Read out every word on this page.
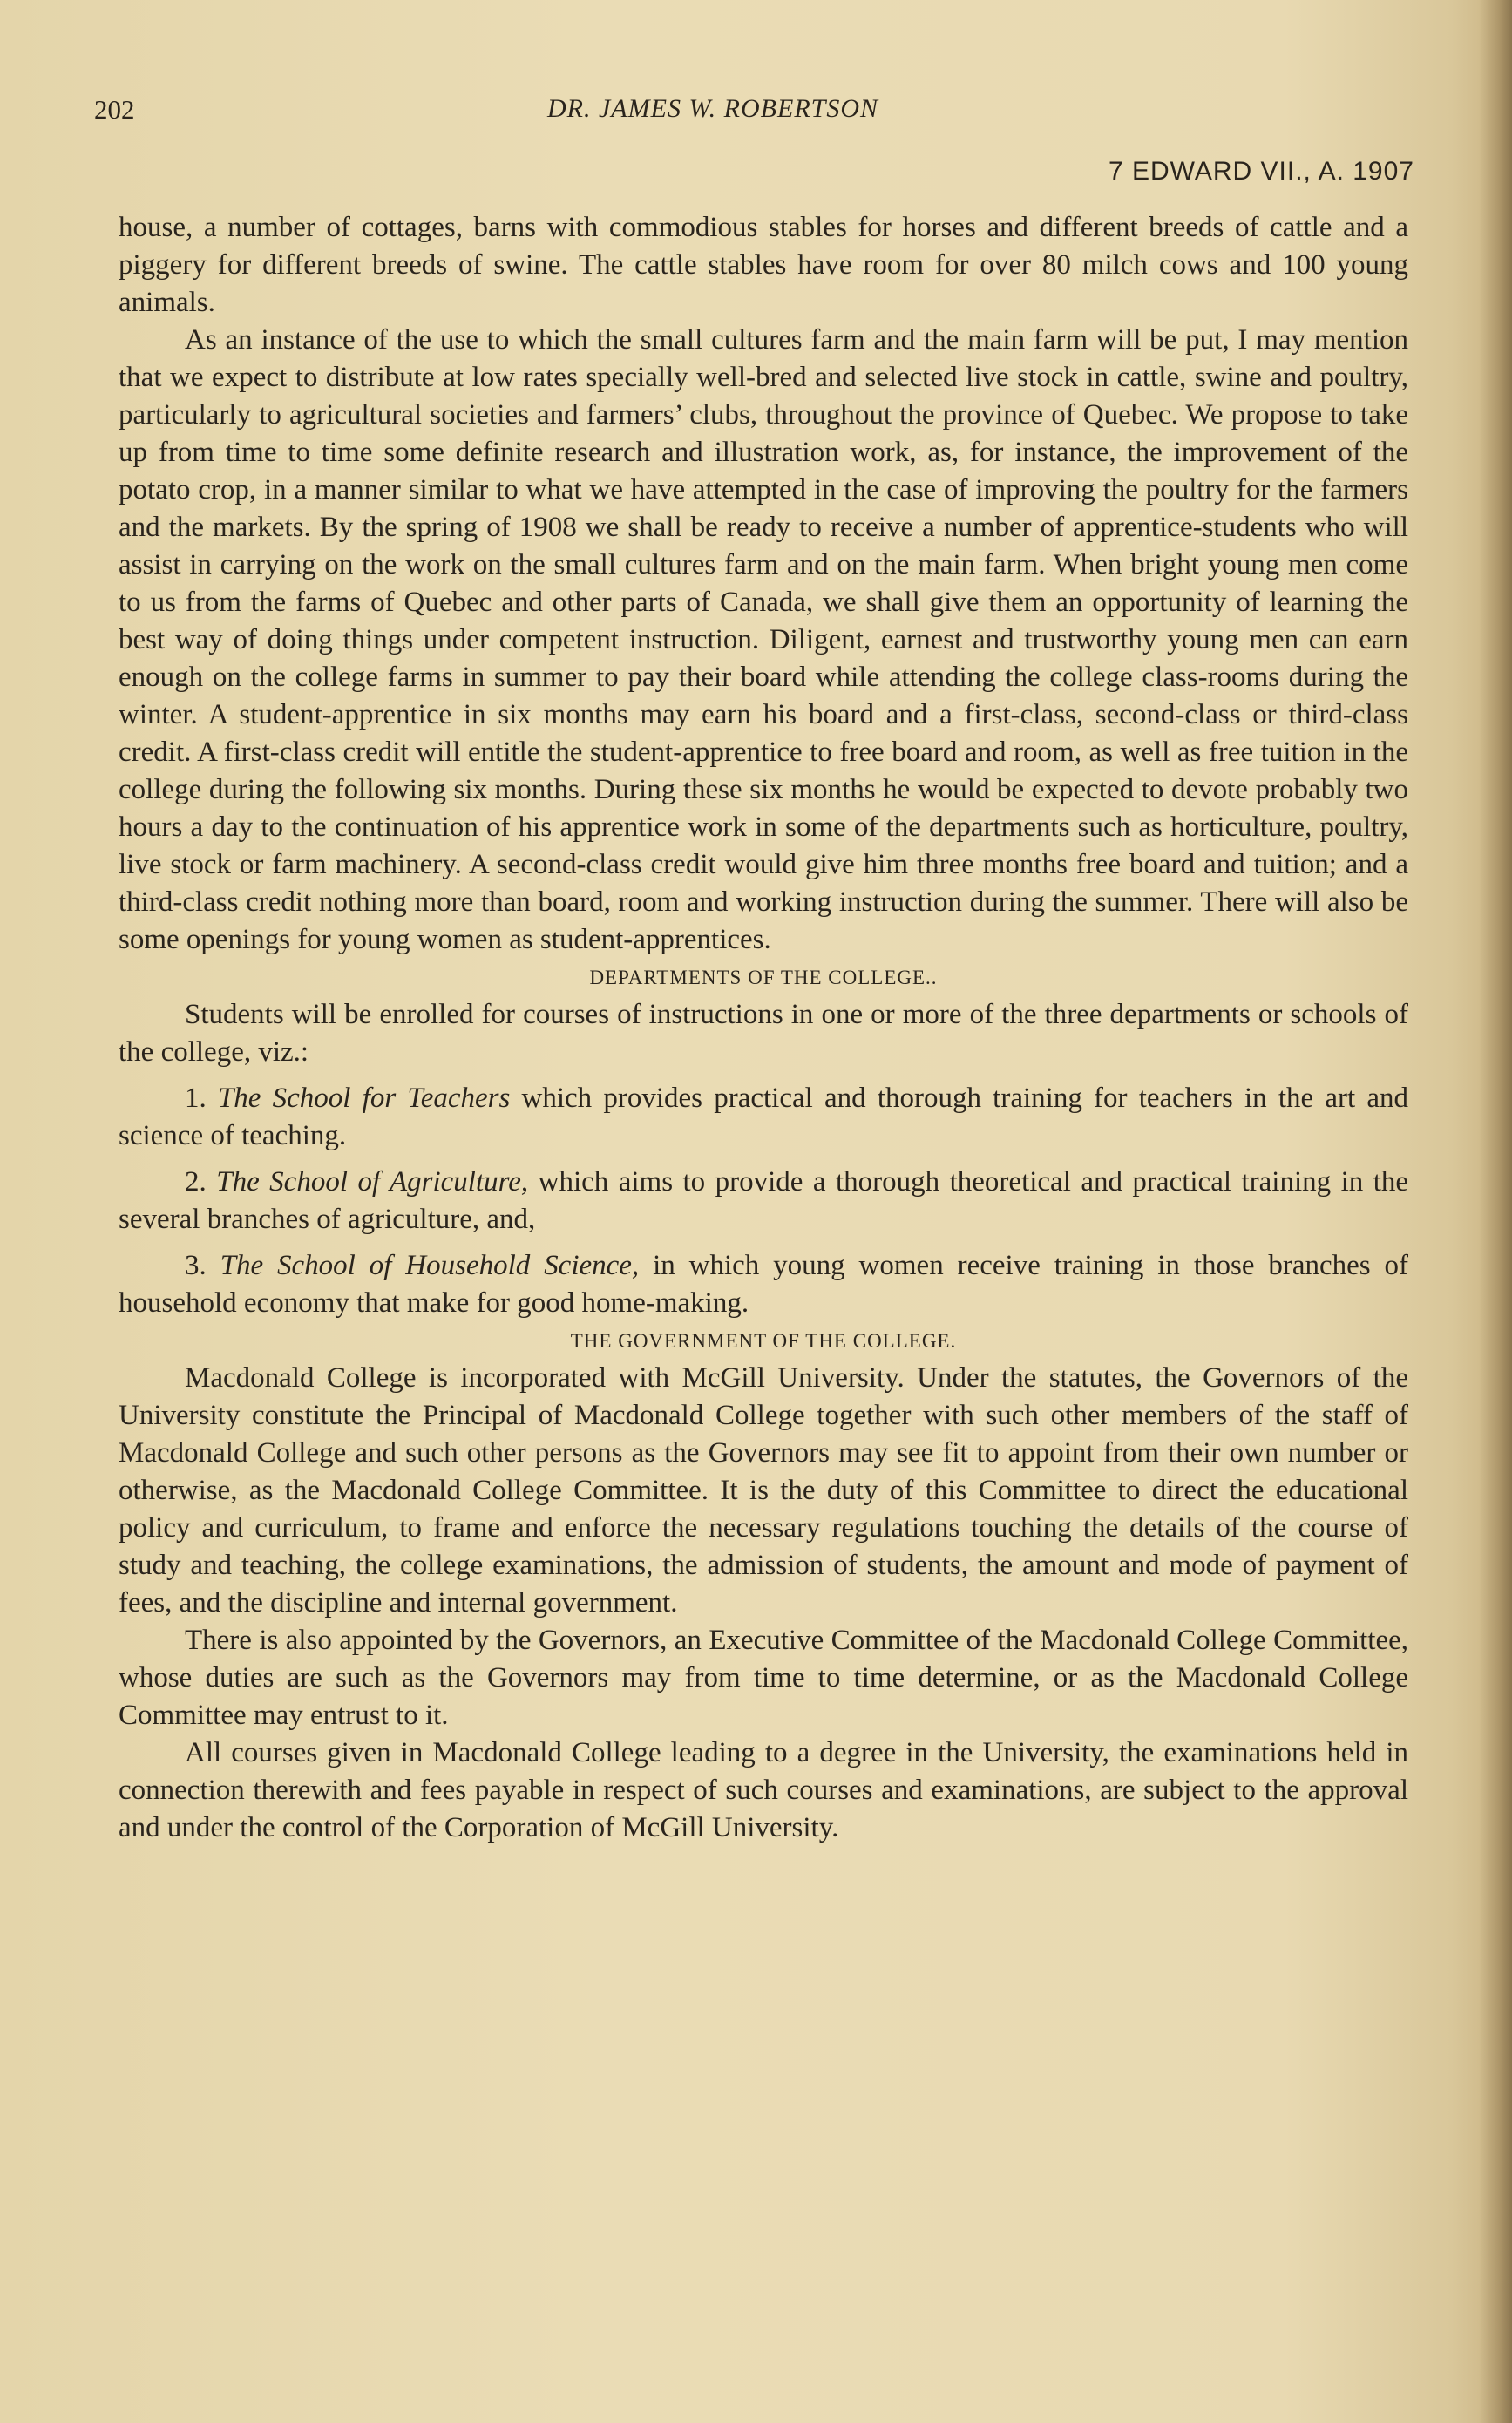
202	DR. JAMES W. ROBERTSON
7 EDWARD VII., A. 1907

house, a number of cottages, barns with commodious stables for horses and different breeds of cattle and a piggery for different breeds of swine. The cattle stables have room for over 80 milch cows and 100 young animals.

As an instance of the use to which the small cultures farm and the main farm will be put, I may mention that we expect to distribute at low rates specially well-bred and selected live stock in cattle, swine and poultry, particularly to agricultural societies and farmers’ clubs, throughout the province of Quebec. We propose to take up from time to time some definite research and illustration work, as, for instance, the improvement of the potato crop, in a manner similar to what we have attempted in the case of improving the poultry for the farmers and the markets. By the spring of 1908 we shall be ready to receive a number of apprentice-students who will assist in carrying on the work on the small cultures farm and on the main farm. When bright young men come to us from the farms of Quebec and other parts of Canada, we shall give them an opportunity of learning the best way of doing things under competent instruction. Diligent, earnest and trustworthy young men can earn enough on the college farms in summer to pay their board while attending the college class-rooms during the winter. A student-apprentice in six months may earn his board and a first-class, second-class or third-class credit. A first-class credit will entitle the student-apprentice to free board and room, as well as free tuition in the college during the following six months. During these six months he would be expected to devote probably two hours a day to the continuation of his apprentice work in some of the departments such as horticulture, poultry, live stock or farm machinery. A second-class credit would give him three months free board and tuition; and a third-class credit nothing more than board, room and working instruction during the summer. There will also be some openings for young women as student-apprentices.

DEPARTMENTS OF THE COLLEGE..

Students will be enrolled for courses of instructions in one or more of the three departments or schools of the college, viz.:

1. The School for Teachers which provides practical and thorough training for teachers in the art and science of teaching.

2. The School of Agriculture, which aims to provide a thorough theoretical and practical training in the several branches of agriculture, and,

3. The School of Household Science, in which young women receive training in those branches of household economy that make for good home-making.

THE GOVERNMENT OF THE COLLEGE.

Macdonald College is incorporated with McGill University. Under the statutes, the Governors of the University constitute the Principal of Macdonald College together with such other members of the staff of Macdonald College and such other persons as the Governors may see fit to appoint from their own number or otherwise, as the Macdonald College Committee. It is the duty of this Committee to direct the educational policy and curriculum, to frame and enforce the necessary regulations touching the details of the course of study and teaching, the college examinations, the admission of students, the amount and mode of payment of fees, and the discipline and internal government.

There is also appointed by the Governors, an Executive Committee of the Macdonald College Committee, whose duties are such as the Governors may from time to time determine, or as the Macdonald College Committee may entrust to it.

All courses given in Macdonald College leading to a degree in the University, the examinations held in connection therewith and fees payable in respect of such courses and examinations, are subject to the approval and under the control of the Corporation of McGill University.
